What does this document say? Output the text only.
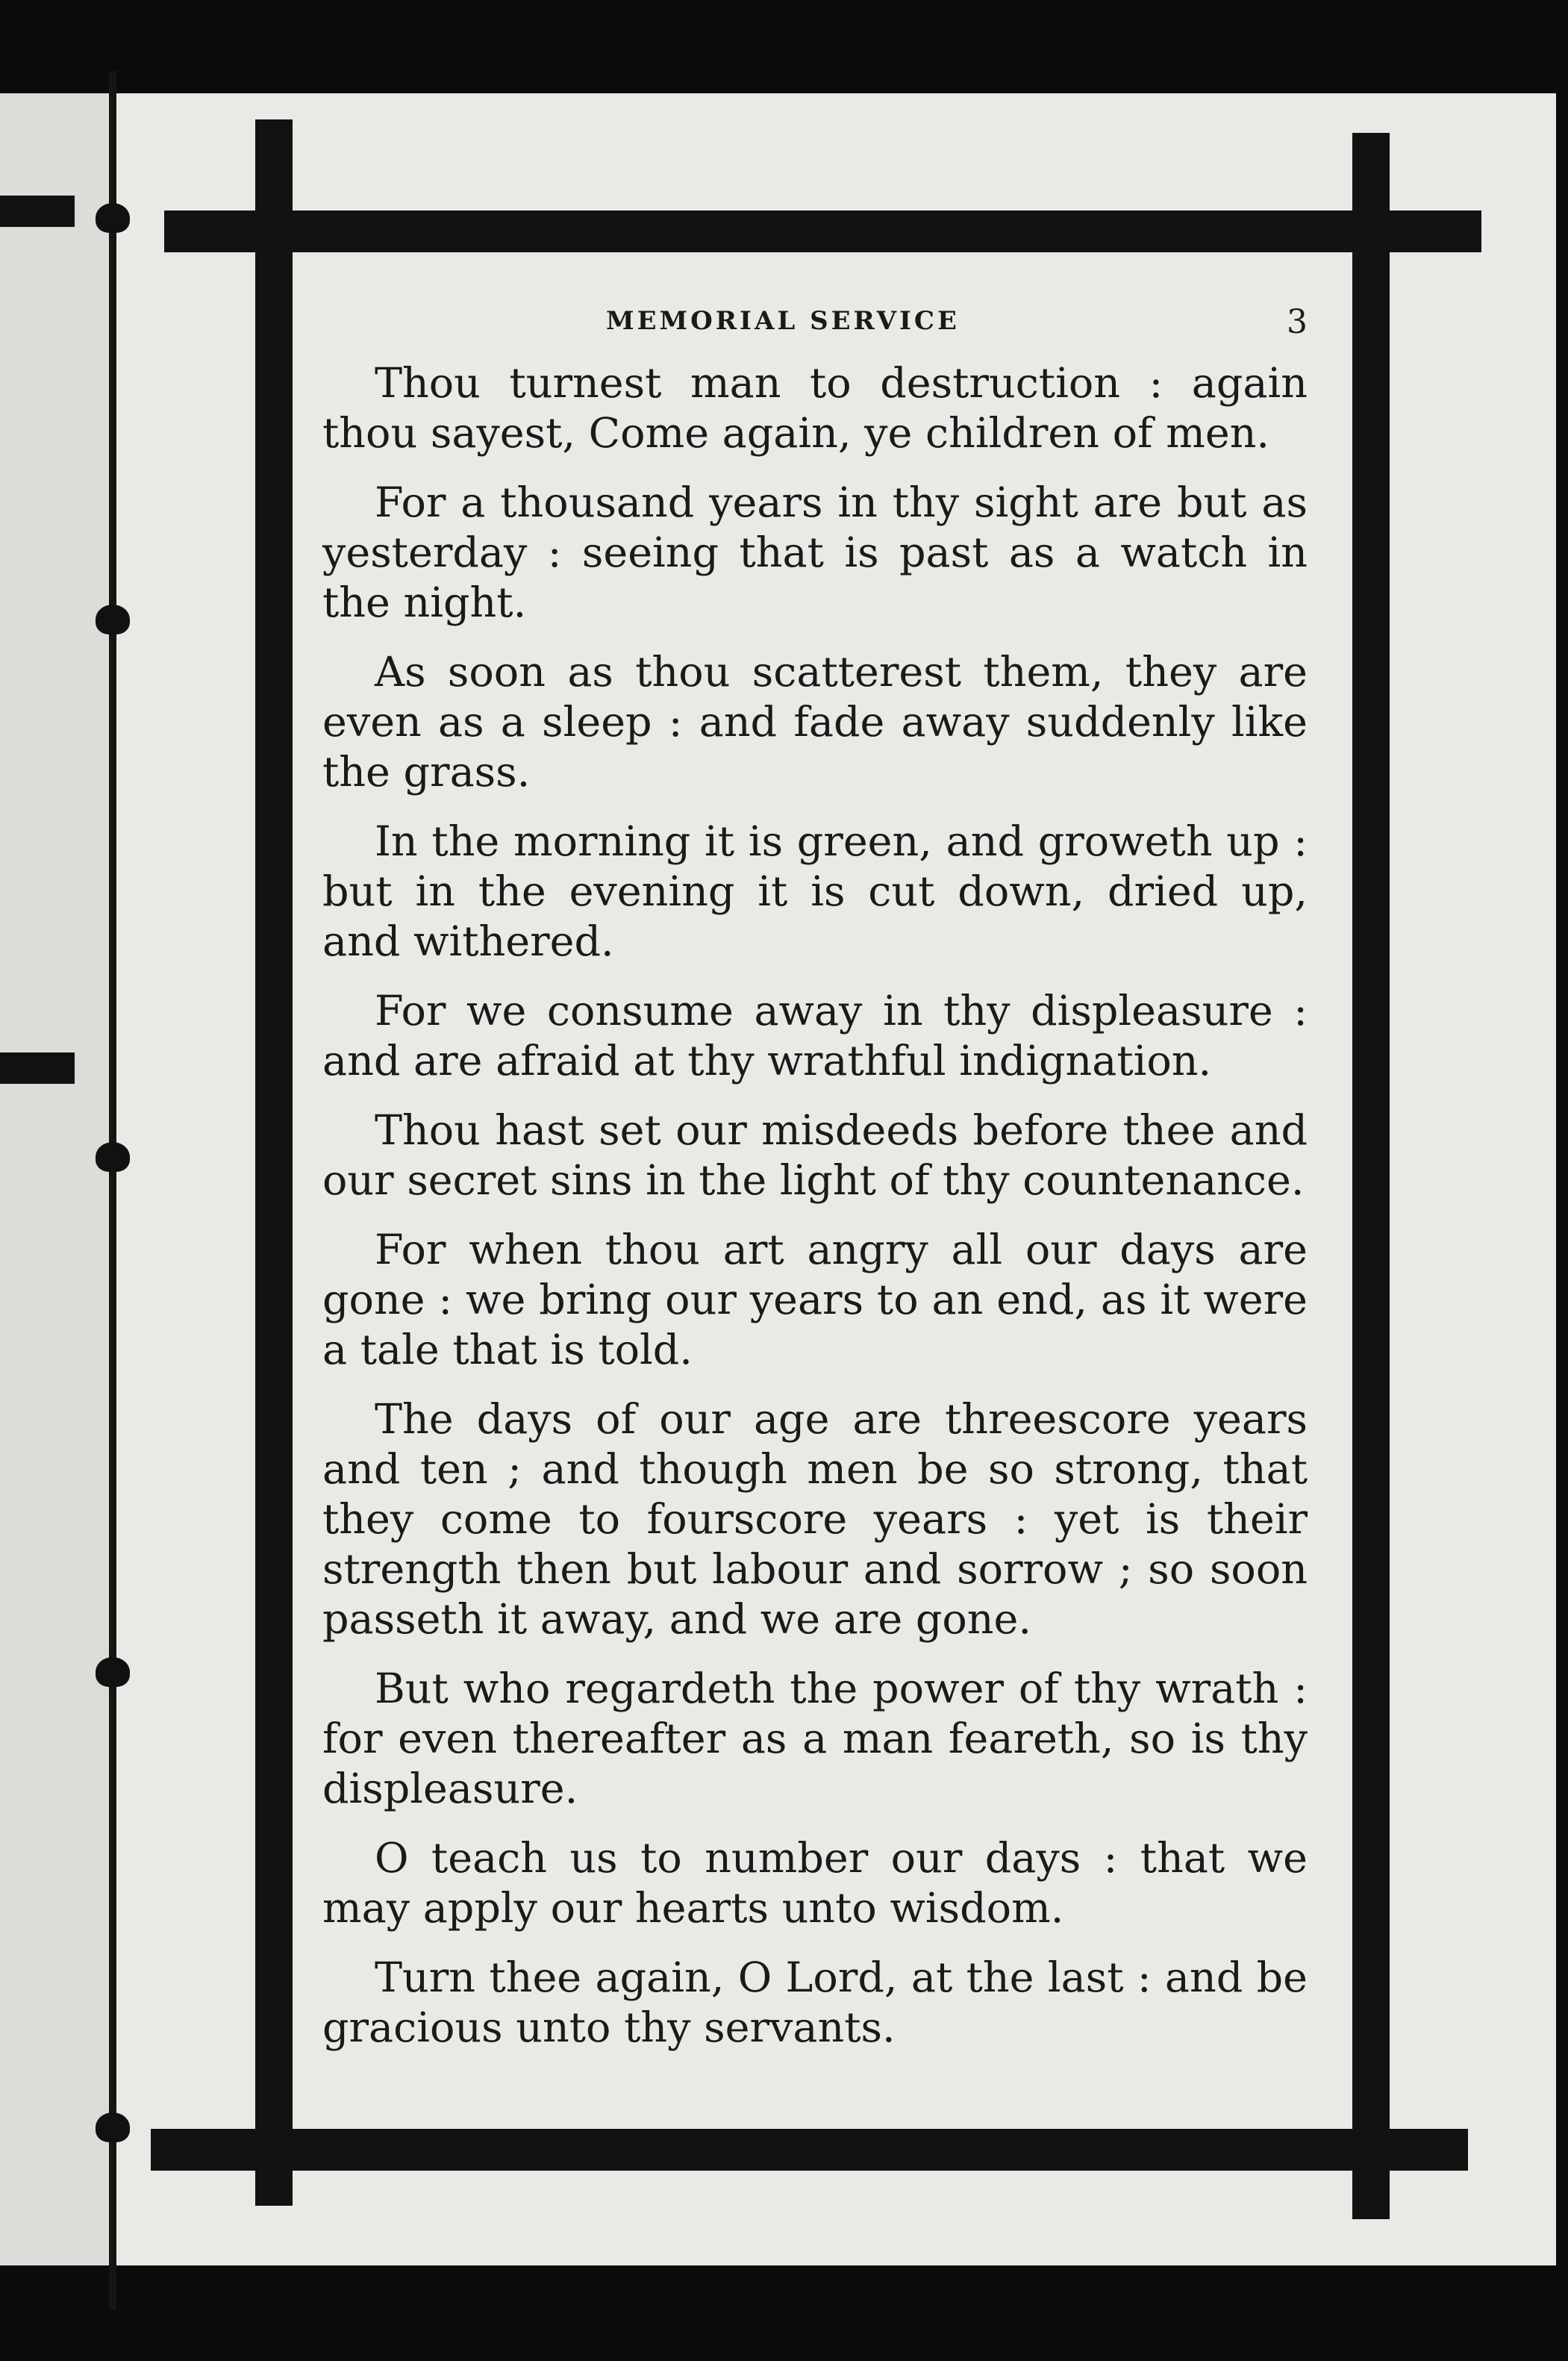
MEMORIAL SERVICE	3

Thou turnest man to destruction : again thou sayest, Come again, ye children of men.

For a thousand years in thy sight are but as yesterday : seeing that is past as a watch in the night.

As soon as thou scatterest them, they are even as a sleep : and fade away suddenly like the grass.

In the morning it is green, and groweth up : but in the evening it is cut down, dried up, and withered.

For we consume away in thy displeasure : and are afraid at thy wrathful indignation.

Thou hast set our misdeeds before thee and our secret sins in the light of thy countenance.

For when thou art angry all our days are gone : we bring our years to an end, as it were a tale that is told.

The days of our age are threescore years and ten ; and though men be so strong, that they come to fourscore years : yet is their strength then but labour and sorrow ; so soon passeth it away, and we are gone.

But who regardeth the power of thy wrath : for even thereafter as a man feareth, so is thy displeasure.

O teach us to number our days : that we may apply our hearts unto wisdom.

Turn thee again, O Lord, at the last : and be gracious unto thy servants.
